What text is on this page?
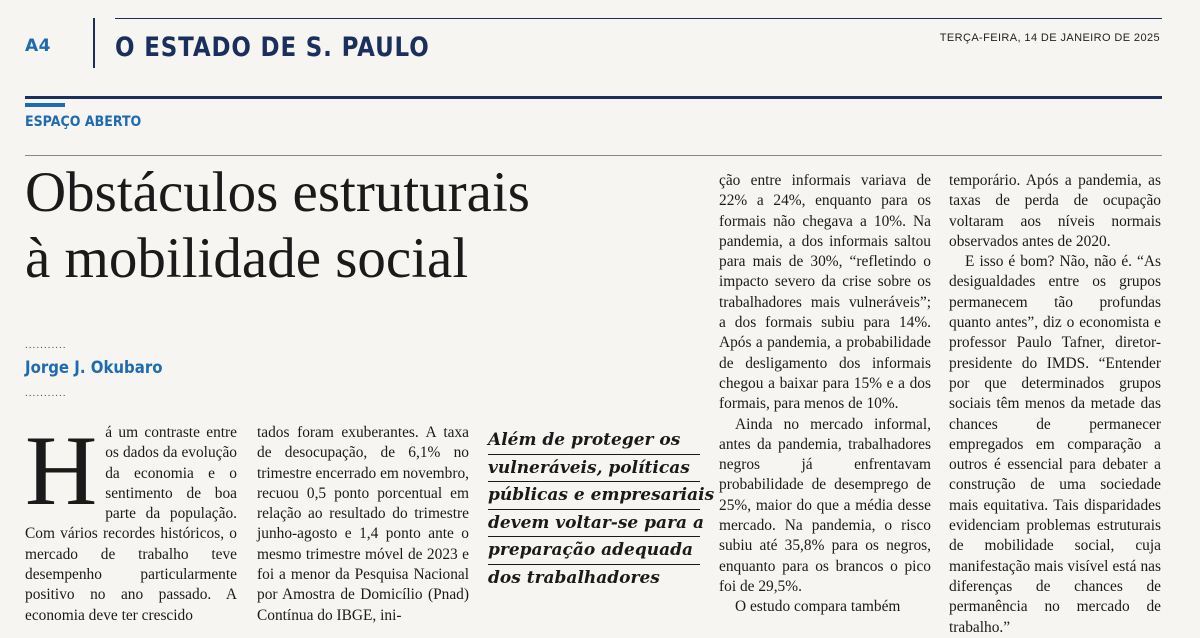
A4 O ESTADO DE S. PAULO	TERÇA-FEIRA, 14 DE JANEIRO DE 2025
ESPAÇO ABERTO
Obstáculos estruturais
à mobilidade social
...........
Jorge J. Okubaro
...........
H á um contraste entre os dados da evolução da economia e o sentimento de boa parte da população. Com vários recordes históricos, o mercado de trabalho teve desempenho particularmente positivo no ano passado. A economia deve ter crescido
tados foram exuberantes. A taxa de desocupação, de 6,1% no trimestre encerrado em novembro, recuou 0,5 ponto porcentual em relação ao resultado do trimestre junho-agosto e 1,4 ponto ante o mesmo trimestre móvel de 2023 e foi a menor da Pesquisa Nacional por Amostra de Domicílio (Pnad) Contínua do IBGE, ini-
Além de proteger os
vulneráveis, políticas
públicas e empresariais
devem voltar-se para a
preparação adequada
dos trabalhadores

ção entre informais variava de 22% a 24%, enquanto para os formais não chegava a 10%. Na pandemia, a dos informais saltou para mais de 30%, “refletindo o impacto severo da crise sobre os trabalhadores mais vulneráveis”; a dos formais subiu para 14%. Após a pandemia, a probabilidade de desligamento dos informais chegou a baixar para 15% e a dos formais, para menos de 10%.

Ainda no mercado informal, antes da pandemia, trabalhadores negros já enfrentavam probabilidade de desemprego de 25%, maior do que a média desse mercado. Na pandemia, o risco subiu até 35,8% para os negros, enquanto para os brancos o pico foi de 29,5%.

O estudo compara também

temporário. Após a pandemia, as taxas de perda de ocupação voltaram aos níveis normais observados antes de 2020.

E isso é bom? Não, não é. “As desigualdades entre os grupos permanecem tão profundas quanto antes”, diz o economista e professor Paulo Tafner, diretor-presidente do IMDS. “Entender por que determinados grupos sociais têm menos da metade das chances de permanecer empregados em comparação a outros é essencial para debater a construção de uma sociedade mais equitativa. Tais disparidades evidenciam problemas estruturais de mobilidade social, cuja manifestação mais visível está nas diferenças de chances de permanência no mercado de trabalho.”
